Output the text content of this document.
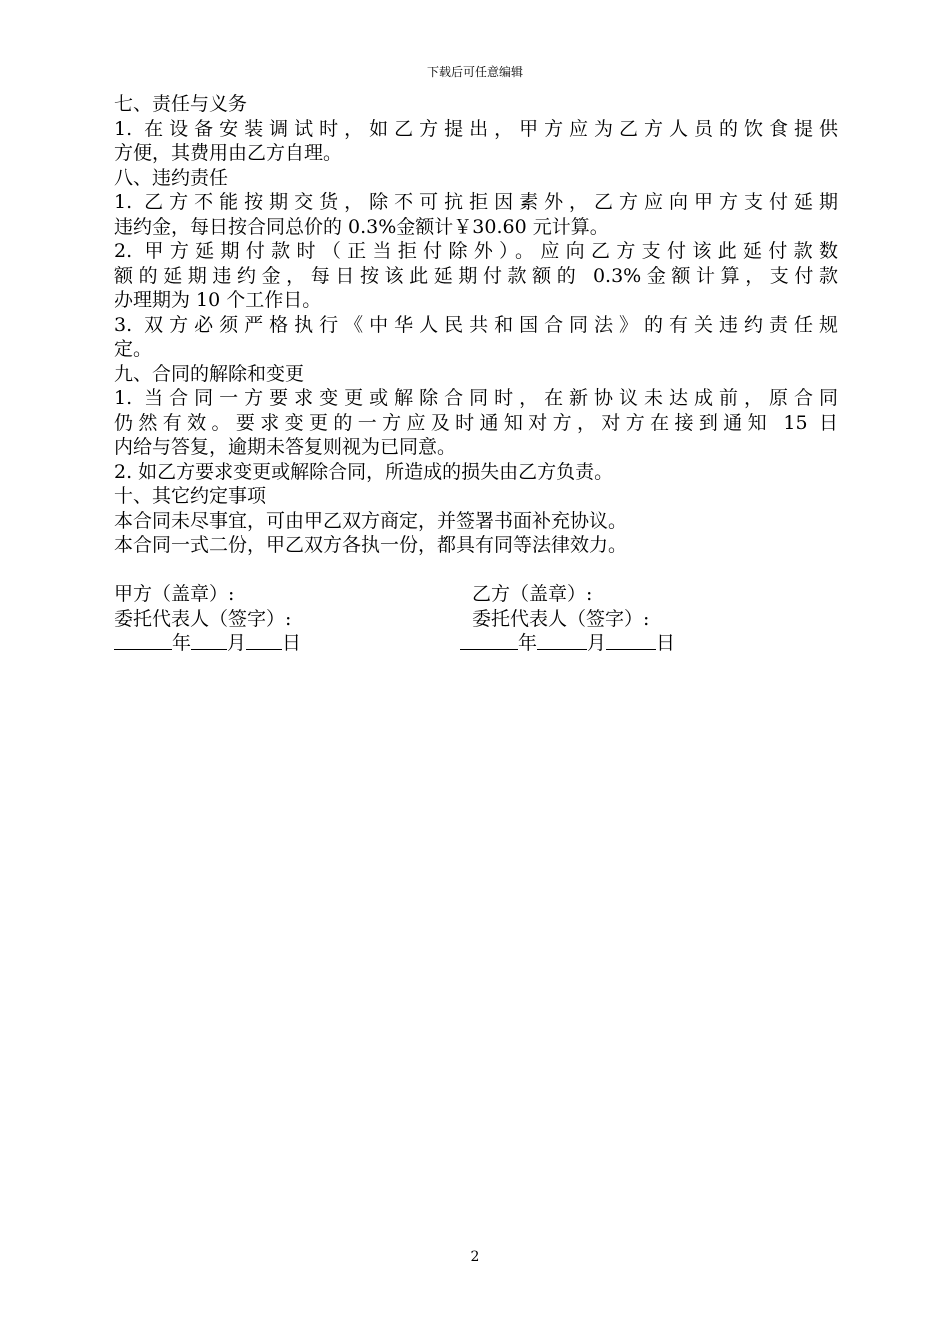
下载后可任意编辑
七、责任与义务
1. 在设备安装调试时，如乙方提出，甲方应为乙方人员的饮食提供
方便，其费用由乙方自理。
八、违约责任
1. 乙方不能按期交货，除不可抗拒因素外，乙方应向甲方支付延期
违约金，每日按合同总价的 0.3%金额计￥30.60 元计算。
2. 甲方延期付款时（正当拒付除外）。应向乙方支付该此延付款数
额的延期违约金，每日按该此延期付款额的 0.3%金额计算，支付款
办理期为 10 个工作日。
3. 双方必须严格执行《中华人民共和国合同法》的有关违约责任规
定。
九、合同的解除和变更
1. 当合同一方要求变更或解除合同时，在新协议未达成前，原合同
仍然有效。要求变更的一方应及时通知对方，对方在接到通知 15 日
内给与答复，逾期未答复则视为已同意。
2. 如乙方要求变更或解除合同，所造成的损失由乙方负责。
十、其它约定事项
本合同未尽事宜，可由甲乙双方商定，并签署书面补充协议。
本合同一式二份，甲乙双方各执一份，都具有同等法律效力。
甲方（盖章）:	乙方（盖章）:
委托代表人（签字）:	委托代表人（签字）:
年 月 日	年	月	日
2
